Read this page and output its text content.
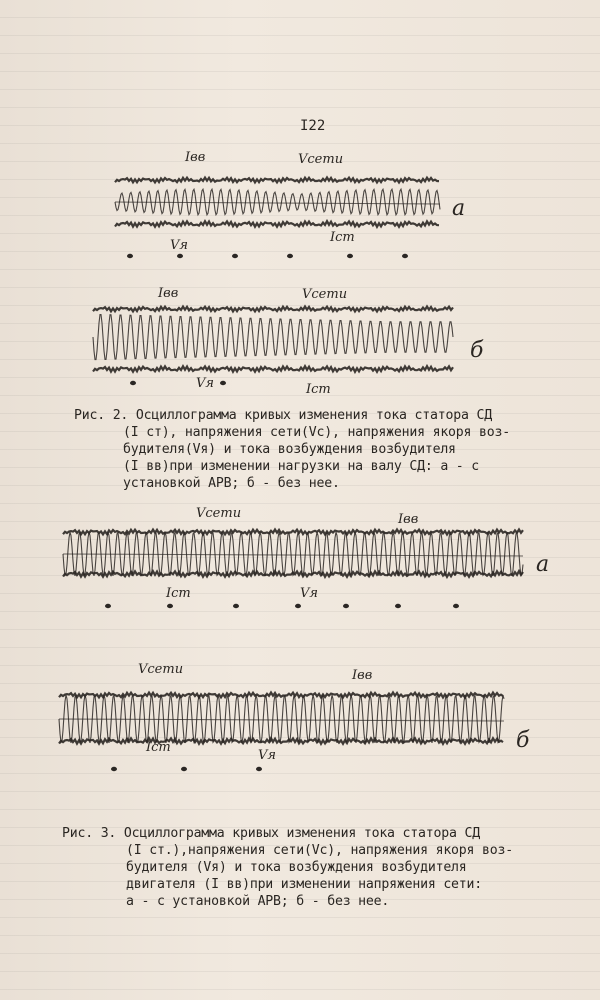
I22
Iвв	Vсети
Vя
Iст
а
Iвв	Vсети
Vя	Iст
б
Рис. 2. Осциллограмма кривых изменения тока статора СД
(I ст), напряжения сети(Vс), напряжения якоря воз-
будителя(Vя) и тока возбуждения возбудителя
(I вв)при изменении нагрузки на валу СД: а - с
установкой АРВ; б - без нее.
Vсети	Iвв
Iст	Vя
а
Vсети	Iвв
Iст
Vя
б
Рис. 3. Осциллограмма кривых изменения тока статора СД
(I ст.),напряжения сети(Vс), напряжения якоря воз-
будителя (Vя) и тока возбуждения возбудителя
двигателя (I вв)при изменении напряжения сети:
а - с установкой АРВ; б - без нее.
